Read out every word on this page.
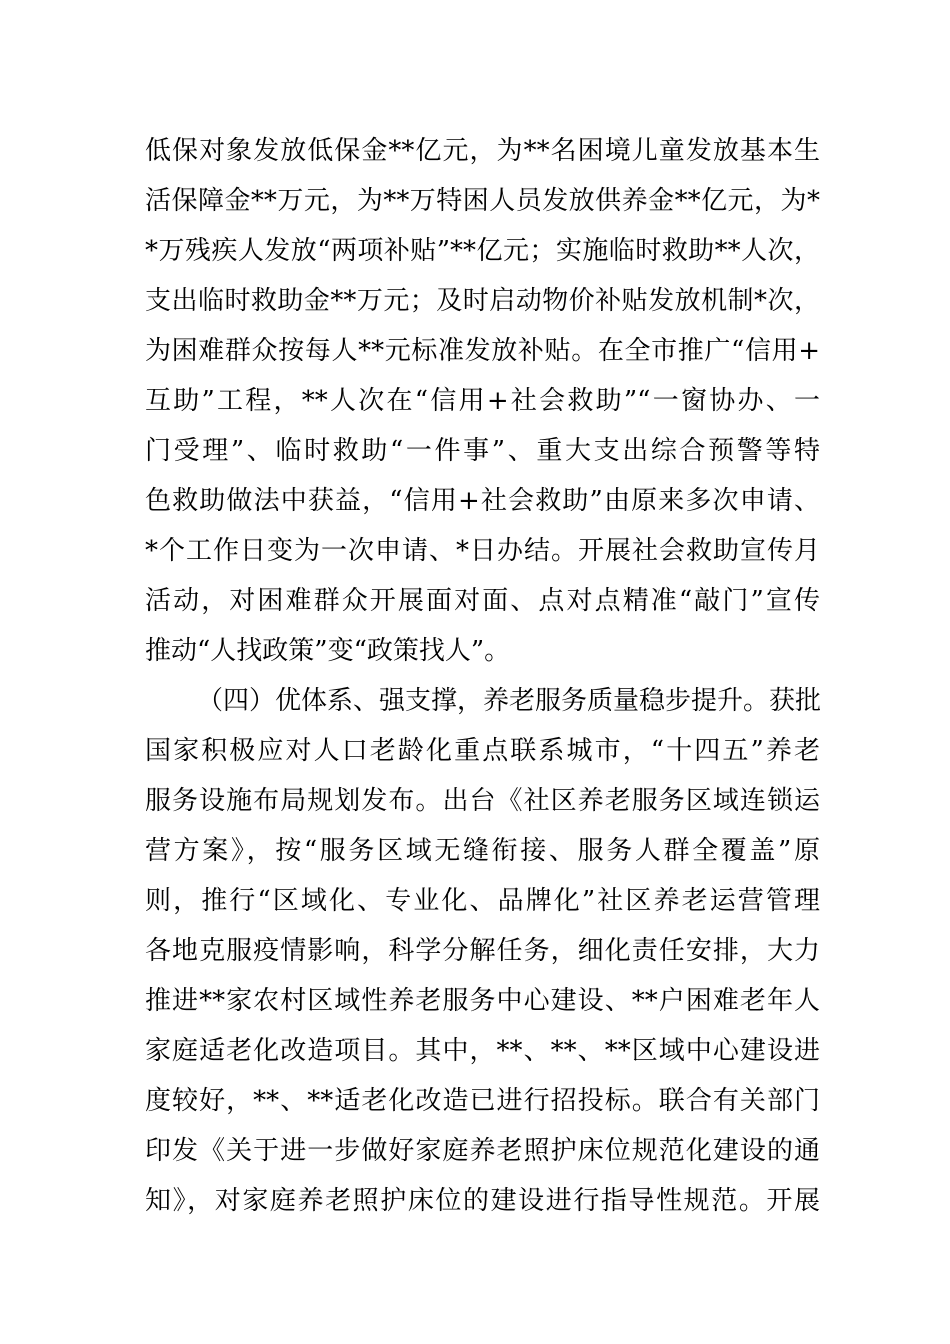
低保对象发放低保金**亿元，为**名困境儿童发放基本生
活保障金**万元，为**万特困人员发放供养金**亿元，为*
*万残疾人发放“两项补贴”**亿元；实施临时救助**人次，
支出临时救助金**万元；及时启动物价补贴发放机制*次，
为困难群众按每人**元标准发放补贴。在全市推广“信用+
互助”工程，**人次在“信用+社会救助”“一窗协办、一
门受理”、临时救助“一件事”、重大支出综合预警等特
色救助做法中获益，“信用+社会救助”由原来多次申请、
*个工作日变为一次申请、*日办结。开展社会救助宣传月
活动，对困难群众开展面对面、点对点精准“敲门”宣传
推动“人找政策”变“政策找人”。
（四）优体系、强支撑，养老服务质量稳步提升。获批
国家积极应对人口老龄化重点联系城市，“十四五”养老
服务设施布局规划发布。出台《社区养老服务区域连锁运
营方案》，按“服务区域无缝衔接、服务人群全覆盖”原
则，推行“区域化、专业化、品牌化”社区养老运营管理
各地克服疫情影响，科学分解任务，细化责任安排，大力
推进**家农村区域性养老服务中心建设、**户困难老年人
家庭适老化改造项目。其中，**、**、**区域中心建设进
度较好，**、**适老化改造已进行招投标。联合有关部门
印发《关于进一步做好家庭养老照护床位规范化建设的通
知》，对家庭养老照护床位的建设进行指导性规范。开展
